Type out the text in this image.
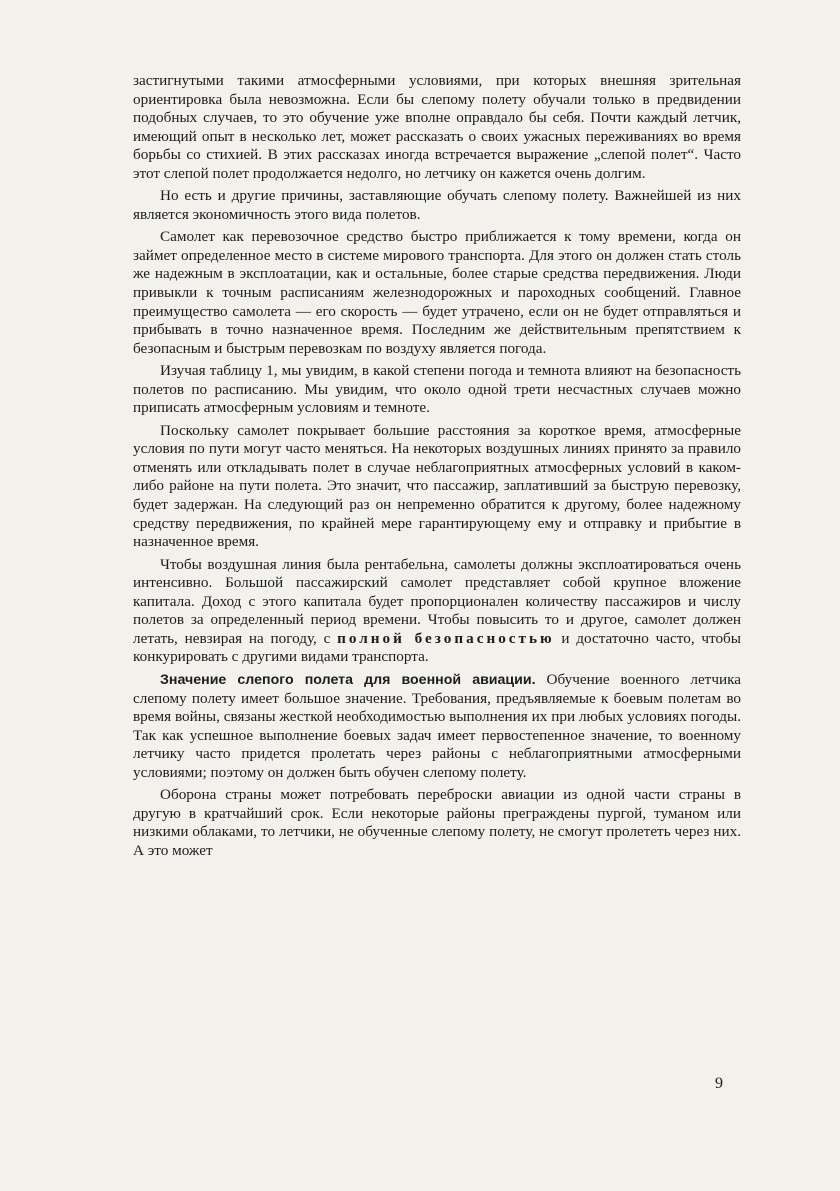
застигнутыми такими атмосферными условиями, при которых внешняя зрительная ориентировка была невозможна. Если бы слепому полету обучали только в предвидении подобных случаев, то это обучение уже вполне оправдало бы себя. Почти каждый летчик, имеющий опыт в несколько лет, может рассказать о своих ужасных переживаниях во время борьбы со стихией. В этих рассказах иногда встречается выражение „слепой полет“. Часто этот слепой полет продолжается недолго, но летчику он кажется очень долгим.

Но есть и другие причины, заставляющие обучать слепому полету. Важнейшей из них является экономичность этого вида полетов.

Самолет как перевозочное средство быстро приближается к тому времени, когда он займет определенное место в системе мирового транспорта. Для этого он должен стать столь же надежным в эксплоатации, как и остальные, более старые средства передвижения. Люди привыкли к точным расписаниям железнодорожных и пароходных сообщений. Главное преимущество самолета — его скорость — будет утрачено, если он не будет отправляться и прибывать в точно назначенное время. Последним же действительным препятствием к безопасным и быстрым перевозкам по воздуху является погода.

Изучая таблицу 1, мы увидим, в какой степени погода и темнота влияют на безопасность полетов по расписанию. Мы увидим, что около одной трети несчастных случаев можно приписать атмосферным условиям и темноте.

Поскольку самолет покрывает большие расстояния за короткое время, атмосферные условия по пути могут часто меняться. На некоторых воздушных линиях принято за правило отменять или откладывать полет в случае неблагоприятных атмосферных условий в каком-либо районе на пути полета. Это значит, что пассажир, заплативший за быструю перевозку, будет задержан. На следующий раз он непременно обратится к другому, более надежному средству передвижения, по крайней мере гарантирующему ему и отправку и прибытие в назначенное время.

Чтобы воздушная линия была рентабельна, самолеты должны эксплоатироваться очень интенсивно. Большой пассажирский самолет представляет собой крупное вложение капитала. Доход с этого капитала будет пропорционален количеству пассажиров и числу полетов за определенный период времени. Чтобы повысить то и другое, самолет должен летать, невзирая на погоду, с полной безопасностью и достаточно часто, чтобы конкурировать с другими видами транспорта.

Значение слепого полета для военной авиации. Обучение военного летчика слепому полету имеет большое значение. Требования, предъявляемые к боевым полетам во время войны, связаны жесткой необходимостью выполнения их при любых условиях погоды. Так как успешное выполнение боевых задач имеет первостепенное значение, то военному летчику часто придется пролетать через районы с неблагоприятными атмосферными условиями; поэтому он должен быть обучен слепому полету.

Оборона страны может потребовать переброски авиации из одной части страны в другую в кратчайший срок. Если некоторые районы преграждены пургой, туманом или низкими облаками, то летчики, не обученные слепому полету, не смогут пролететь через них. А это может

9
